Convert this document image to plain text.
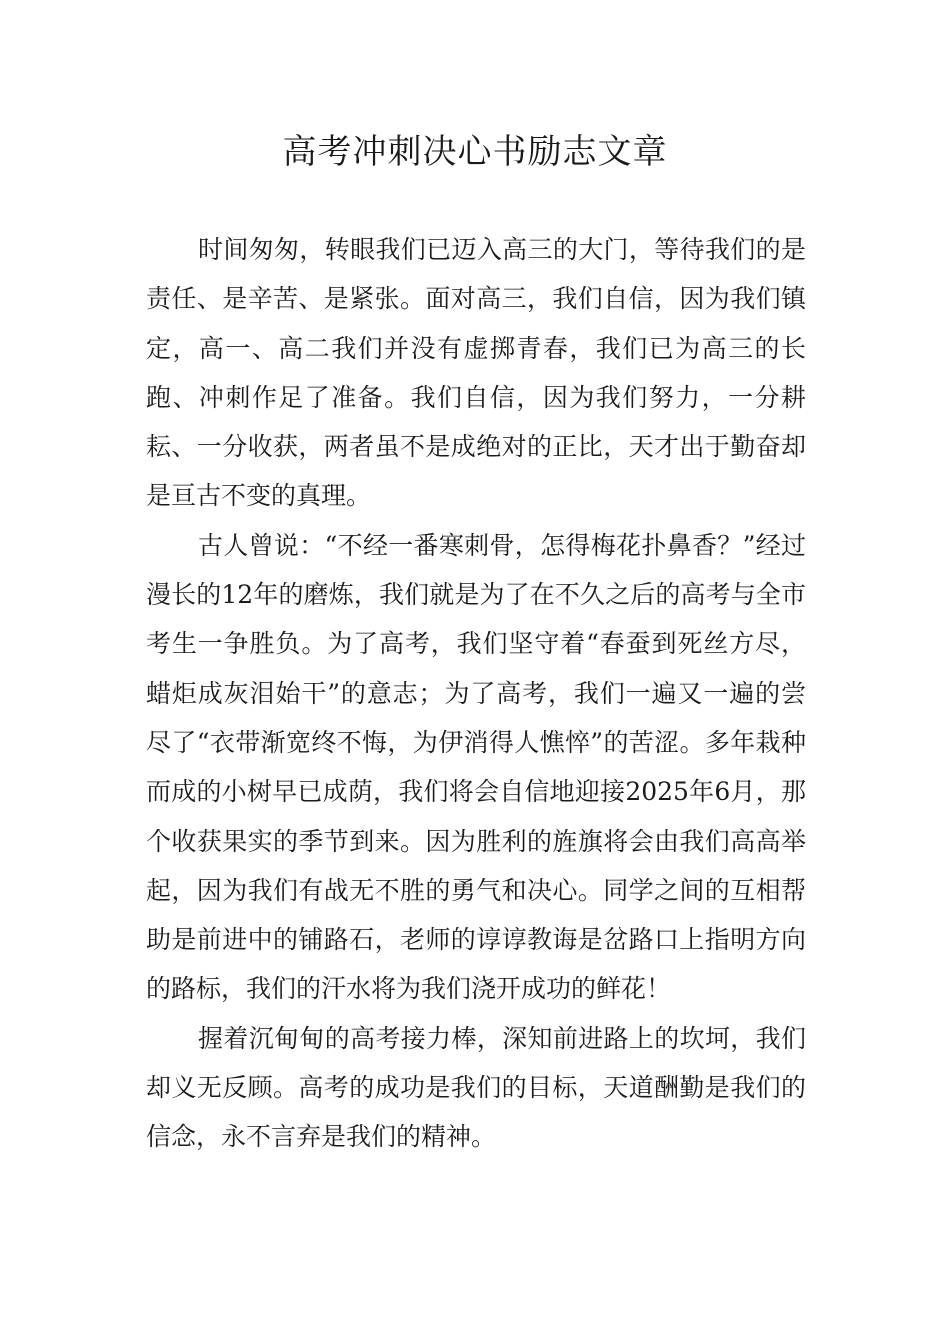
高考冲刺决心书励志文章

时间匆匆，转眼我们已迈入高三的大门，等待我们的是责任、是辛苦、是紧张。面对高三，我们自信，因为我们镇定，高一、高二我们并没有虚掷青春，我们已为高三的长跑、冲刺作足了准备。我们自信，因为我们努力，一分耕耘、一分收获，两者虽不是成绝对的正比，天才出于勤奋却是亘古不变的真理。

古人曾说：“不经一番寒刺骨，怎得梅花扑鼻香？”经过漫长的12年的磨炼，我们就是为了在不久之后的高考与全市考生一争胜负。为了高考，我们坚守着“春蚕到死丝方尽，蜡炬成灰泪始干”的意志；为了高考，我们一遍又一遍的尝尽了“衣带渐宽终不悔，为伊消得人憔悴”的苦涩。多年栽种而成的小树早已成荫，我们将会自信地迎接2025年6月，那个收获果实的季节到来。因为胜利的旌旗将会由我们高高举起，因为我们有战无不胜的勇气和决心。同学之间的互相帮助是前进中的铺路石，老师的谆谆教诲是岔路口上指明方向的路标，我们的汗水将为我们浇开成功的鲜花！

握着沉甸甸的高考接力棒，深知前进路上的坎坷，我们却义无反顾。高考的成功是我们的目标，天道酬勤是我们的信念，永不言弃是我们的精神。
